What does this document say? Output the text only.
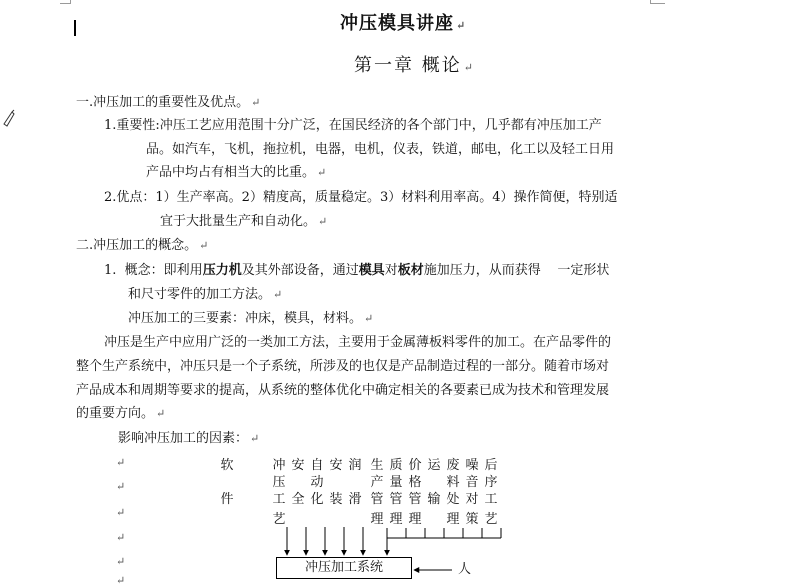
冲压模具讲座 ↵
第一章 概论 ↵
一.冲压加工的重要性及优点。 ↵
1.重要性:冲压工艺应用范围十分广泛，在国民经济的各个部门中，几乎都有冲压加工产
品。如汽车，飞机，拖拉机，电器，电机，仪表，铁道，邮电，化工以及轻工日用
产品中均占有相当大的比重。 ↵
2.优点：1）生产率高。2）精度高，质量稳定。3）材料利用率高。4）操作简便，特别适
宜于大批量生产和自动化。 ↵
二.冲压加工的概念。 ↵
1. 概念：即利用压力机及其外部设备，通过模具对板材施加压力，从而获得 一定形状
和尺寸零件的加工方法。 ↵
冲压加工的三要素：冲床，模具，材料。 ↵
冲压是生产中应用广泛的一类加工方法，主要用于金属薄板料零件的加工。在产品零件的
整个生产系统中，冲压只是一个子系统，所涉及的也仅是产品制造过程的一部分。随着市场对
产品成本和周期等要求的提高，从系统的整体优化中确定相关的各要素已成为技术和管理发展
的重要方向。 ↵
影响冲压加工的因素： ↵
↵
↵
↵
↵
↵
↵
软
件
冲
压
工
艺
安
全
自
动
化
安
装
润
滑
生
产
管
理
质
量
管
理
价
格
管
理
运
输
废
料
处
理
噪
音
对
策
后
序
工
艺
冲压加工系统	人
